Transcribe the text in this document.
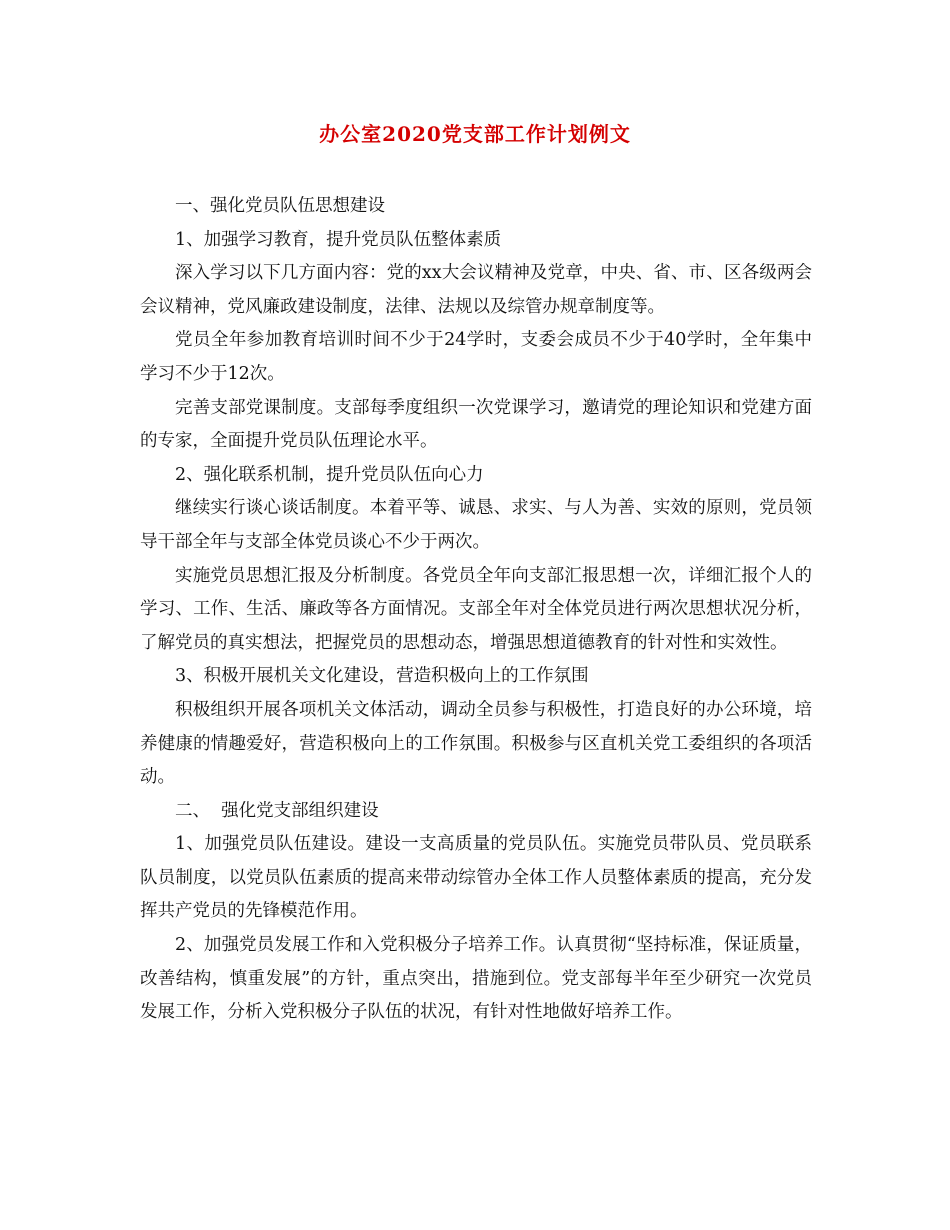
办公室2020党支部工作计划例文

一、强化党员队伍思想建设

1、加强学习教育，提升党员队伍整体素质

深入学习以下几方面内容：党的xx大会议精神及党章，中央、省、市、区各级两会会议精神，党风廉政建设制度，法律、法规以及综管办规章制度等。

党员全年参加教育培训时间不少于24学时，支委会成员不少于40学时，全年集中学习不少于12次。

完善支部党课制度。支部每季度组织一次党课学习，邀请党的理论知识和党建方面的专家，全面提升党员队伍理论水平。

2、强化联系机制，提升党员队伍向心力

继续实行谈心谈话制度。本着平等、诚恳、求实、与人为善、实效的原则，党员领导干部全年与支部全体党员谈心不少于两次。

实施党员思想汇报及分析制度。各党员全年向支部汇报思想一次，详细汇报个人的学习、工作、生活、廉政等各方面情况。支部全年对全体党员进行两次思想状况分析，了解党员的真实想法，把握党员的思想动态，增强思想道德教育的针对性和实效性。

3、积极开展机关文化建设，营造积极向上的工作氛围

积极组织开展各项机关文体活动，调动全员参与积极性，打造良好的办公环境，培养健康的情趣爱好，营造积极向上的工作氛围。积极参与区直机关党工委组织的各项活动。

二、  强化党支部组织建设

1、加强党员队伍建设。建设一支高质量的党员队伍。实施党员带队员、党员联系队员制度，以党员队伍素质的提高来带动综管办全体工作人员整体素质的提高，充分发挥共产党员的先锋模范作用。

2、加强党员发展工作和入党积极分子培养工作。认真贯彻“坚持标准，保证质量，改善结构，慎重发展”的方针，重点突出，措施到位。党支部每半年至少研究一次党员发展工作，分析入党积极分子队伍的状况，有针对性地做好培养工作。
